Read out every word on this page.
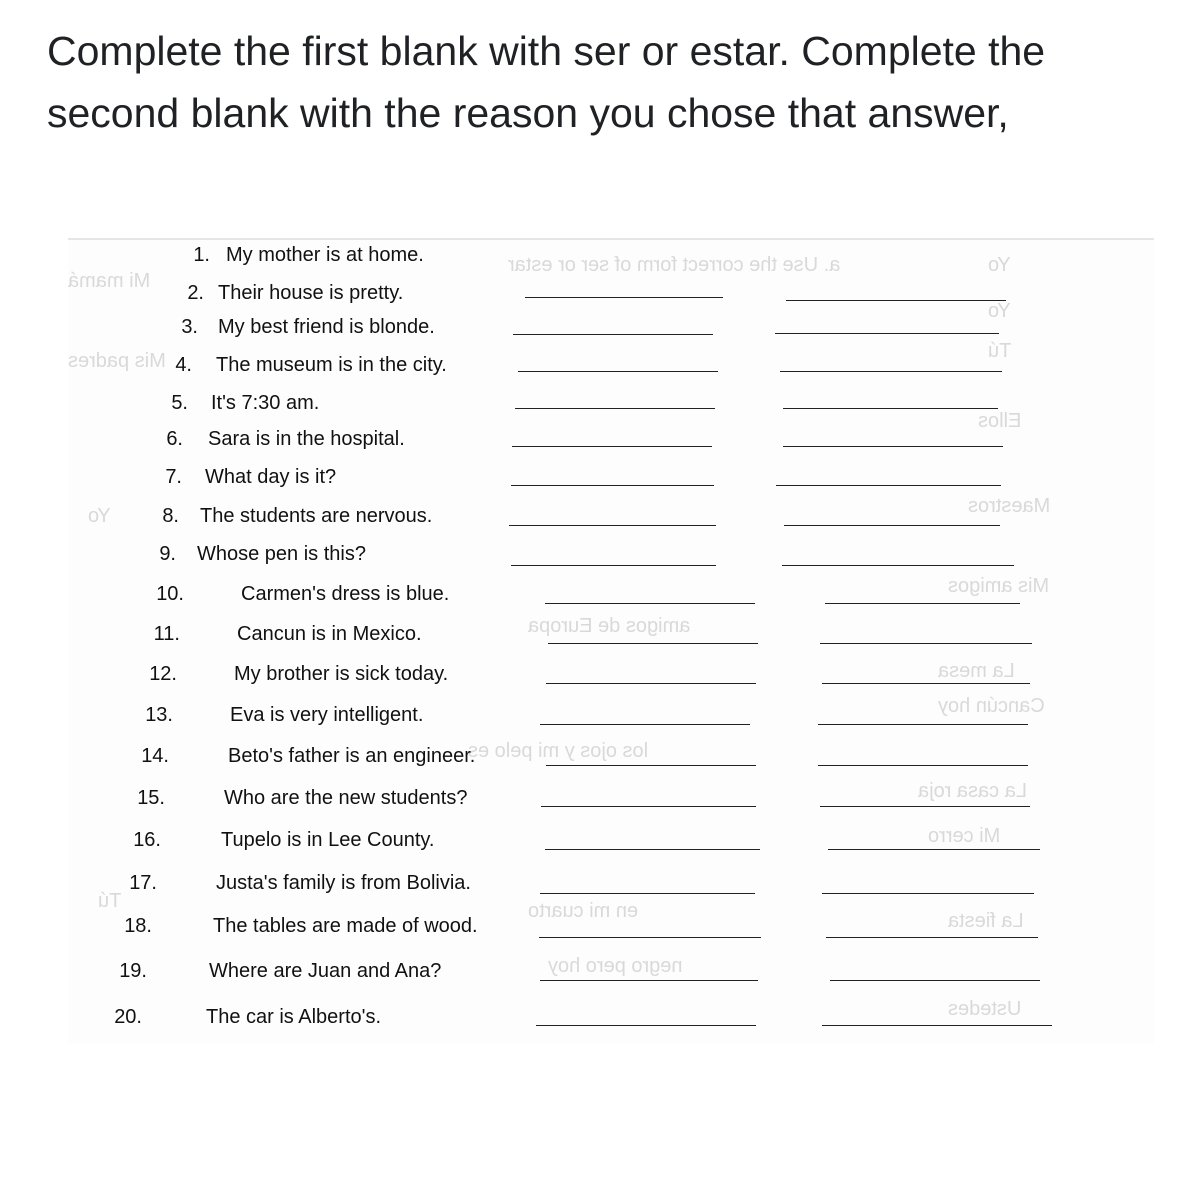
Complete the first blank with ser or estar. Complete the second blank with the reason you chose that answer,
a. Use the correct form of ser or estar	Yo
Yo
Tú
Ellos
Maestros
Mis amigos
La mesa
Cancún hoy
La casa roja
Mi cerro
La fiesta
Ustedes
amigos de Europa
los ojos y mi pelo es
en mi cuarto
negro pero hoy
Mi mamá
Mis padres
Yo
Tú
1. My mother is at home.
2. Their house is pretty.
3. My best friend is blonde.
4. The museum is in the city.
5. It's 7:30 am.
6. Sara is in the hospital.
7. What day is it?
8. The students are nervous.
9. Whose pen is this?
10.	Carmen's dress is blue.
11.	Cancun is in Mexico.
12.	My brother is sick today.
13.	Eva is very intelligent.
14.	Beto's father is an engineer.
15.	Who are the new students?
16.	Tupelo is in Lee County.
17.	Justa's family is from Bolivia.
18.	The tables are made of wood.
19.	Where are Juan and Ana?
20.	The car is Alberto's.
